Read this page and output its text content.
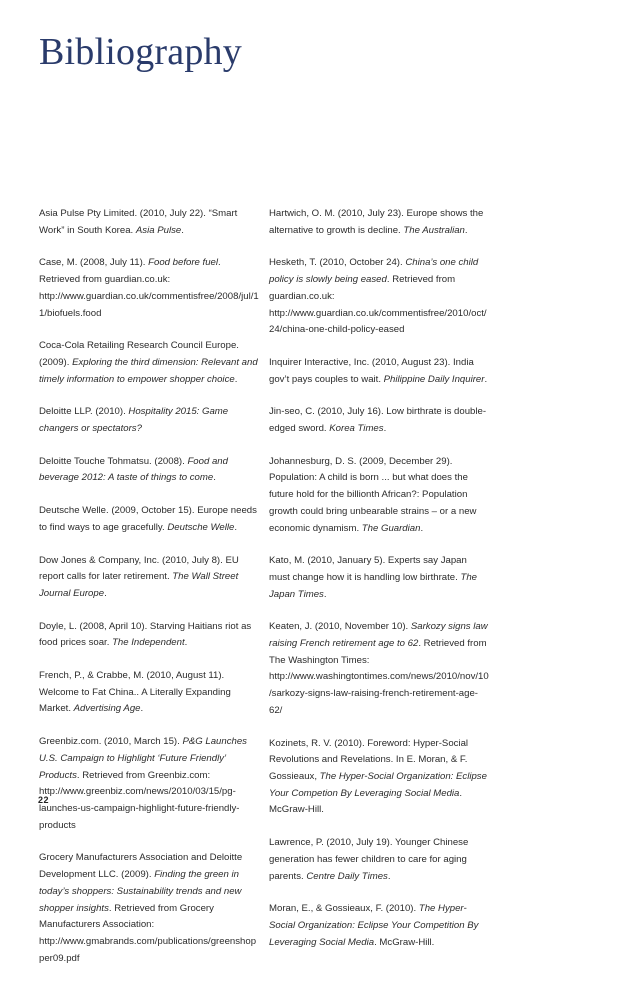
Bibliography

Asia Pulse Pty Limited. (2010, July 22). “Smart Work” in South Korea. Asia Pulse.

Case, M. (2008, July 11). Food before fuel. Retrieved from guardian.co.uk: http://www.guardian.co.uk/commentisfree/2008/jul/11/biofuels.food

Coca-Cola Retailing Research Council Europe. (2009). Exploring the third dimension: Relevant and timely information to empower shopper choice.

Deloitte LLP. (2010). Hospitality 2015: Game changers or spectators?

Deloitte Touche Tohmatsu. (2008). Food and beverage 2012: A taste of things to come.

Deutsche Welle. (2009, October 15). Europe needs to find ways to age gracefully. Deutsche Welle.

Dow Jones & Company, Inc. (2010, July 8). EU report calls for later retirement. The Wall Street Journal Europe.

Doyle, L. (2008, April 10). Starving Haitians riot as food prices soar. The Independent.

French, P., & Crabbe, M. (2010, August 11). Welcome to Fat China.. A Literally Expanding Market. Advertising Age.

Greenbiz.com. (2010, March 15). P&G Launches U.S. Campaign to Highlight ‘Future Friendly’ Products. Retrieved from Greenbiz.com: http://www.greenbiz.com/news/2010/03/15/pg-launches-us-campaign-highlight-future-friendly-products

Grocery Manufacturers Association and Deloitte Development LLC. (2009). Finding the green in today’s shoppers: Sustainability trends and new shopper insights. Retrieved from Grocery Manufacturers Association: http://www.gmabrands.com/publications/greenshopper09.pdf

Hartwich, O. M. (2010, July 23). Europe shows the alternative to growth is decline. The Australian.

Hesketh, T. (2010, October 24). China’s one child policy is slowly being eased. Retrieved from guardian.co.uk: http://www.guardian.co.uk/commentisfree/2010/oct/24/china-one-child-policy-eased

Inquirer Interactive, Inc. (2010, August 23). India gov’t pays couples to wait. Philippine Daily Inquirer.

Jin-seo, C. (2010, July 16). Low birthrate is double-edged sword. Korea Times.

Johannesburg, D. S. (2009, December 29). Population: A child is born ... but what does the future hold for the billionth African?: Population growth could bring unbearable strains – or a new economic dynamism. The Guardian.

Kato, M. (2010, January 5). Experts say Japan must change how it is handling low birthrate. The Japan Times.

Keaten, J. (2010, November 10). Sarkozy signs law raising French retirement age to 62. Retrieved from The Washington Times: http://www.washingtontimes.com/news/2010/nov/10/sarkozy-signs-law-raising-french-retirement-age-62/

Kozinets, R. V. (2010). Foreword: Hyper-Social Revolutions and Revelations. In E. Moran, & F. Gossieaux, The Hyper-Social Organization: Eclipse Your Competion By Leveraging Social Media. McGraw-Hill.

Lawrence, P. (2010, July 19). Younger Chinese generation has fewer children to care for aging parents. Centre Daily Times.

Moran, E., & Gossieaux, F. (2010). The Hyper-Social Organization: Eclipse Your Competition By Leveraging Social Media. McGraw-Hill.

22
